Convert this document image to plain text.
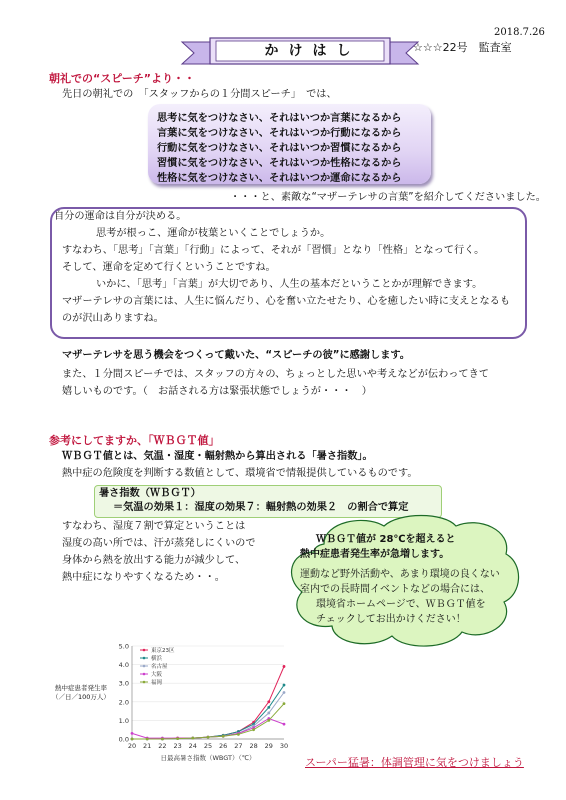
2018.7.26
かけはし	☆☆☆22号　監査室
朝礼での“スピーチ”より・・
先日の朝礼での　「スタッフからの１分間スピーチ」　では、
思考に気をつけなさい、それはいつか言葉になるから
言葉に気をつけなさい、それはいつか行動になるから
行動に気をつけなさい、それはいつか習慣になるから
習慣に気をつけなさい、それはいつか性格になるから
性格に気をつけなさい、それはいつか運命になるから
・・・と、素敵な“マザーテレサの言葉”を紹介してくださいました。
自分の運命は自分が決める。
思考が根っこ、運命が枝葉といくことでしょうか。
すなわち、「思考」「言葉」「行動」によって、それが「習慣」となり「性格」となって行く。
そして、運命を定めて行くということですね。
いかに、「思考」「言葉」が大切であり、人生の基本だということかが理解できます。
マザーテレサの言葉には、人生に悩んだり、心を奮い立たせたり、心を癒したい時に支えとなるも
のが沢山ありますね。
マザーテレサを思う機会をつくって戴いた、“スピーチの彼”に感謝します。
また、１分間スピーチでは、スタッフの方々の、ちょっとした思いや考えなどが伝わってきて
嬉しいものです。（　お話される方は緊張状態でしょうが・・・　）
参考にしてますか、「ＷＢＧＴ値」
ＷＢＧＴ値とは、気温・湿度・輻射熱から算出される「暑さ指数」。
熱中症の危険度を判断する数値として、環境省で情報提供しているものです。
暑さ指数（ＷＢＧＴ）
＝気温の効果１：湿度の効果７：輻射熱の効果２　の割合で算定
すなわち、湿度７割で算定ということは
湿度の高い所では、汗が蒸発しにくいので
身体から熱を放出する能力が減少して、
熱中症になりやすくなるため・・。
ＷＢＧＴ値が 28℃を超えると
熱中症患者発生率が急増します。
運動など野外活動や、あまり環境の良くない
室内での長時間イベントなどの場合には、
環境省ホームページで、ＷＢＧＴ値を
チェックしてお出かけください！
0.0
1.0
2.0
3.0
4.0
5.0
20 21 22 23 24 25 26 27 28 29 30
日最高暑さ指数（WBGT）（℃）
東京23区
横浜
名古屋
大阪
福岡
熱中症患者発生率
（／日／100万人）
スーパー猛暑：体調管理に気をつけましょう
